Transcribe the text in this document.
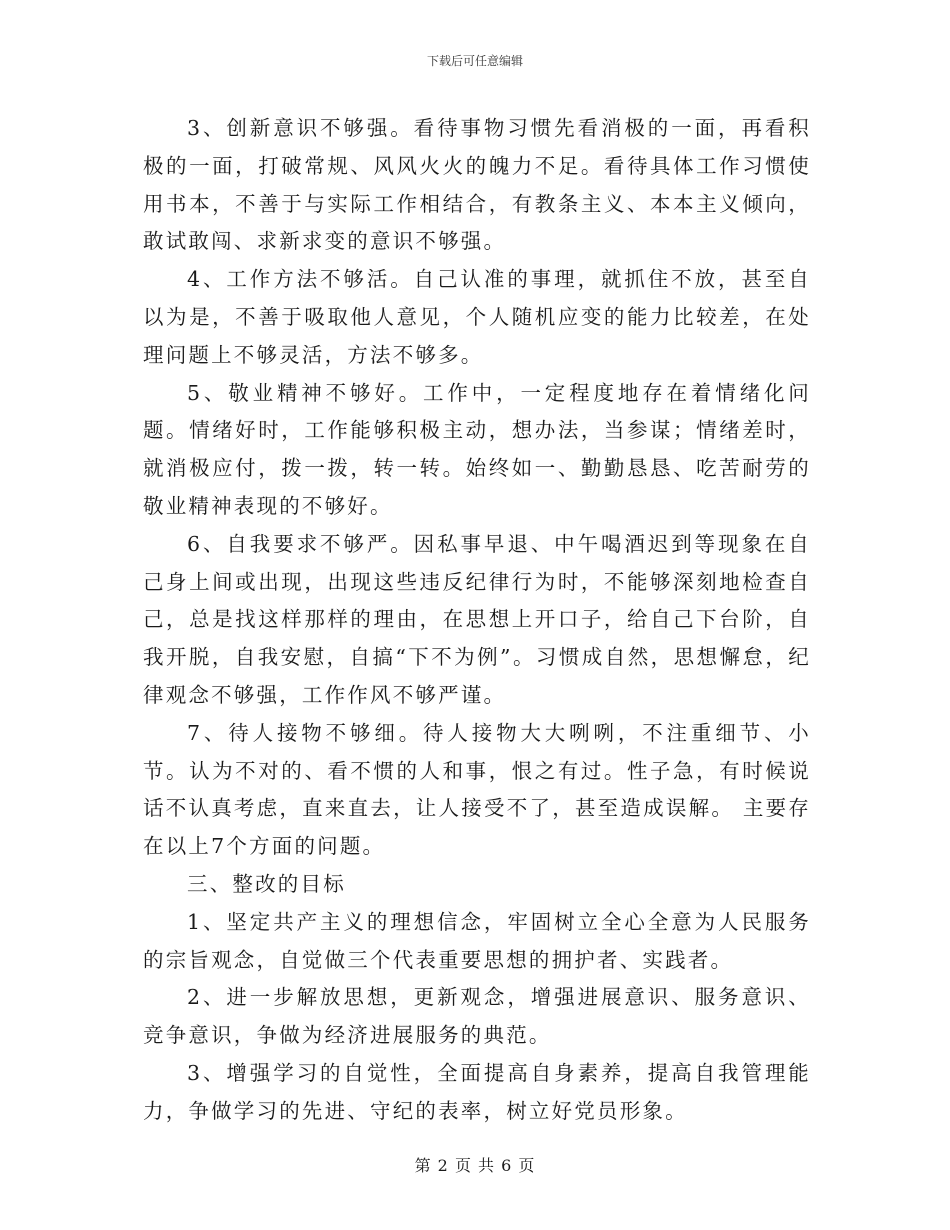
下载后可任意编辑

3、创新意识不够强。看待事物习惯先看消极的一面，再看积极的一面，打破常规、风风火火的魄力不足。看待具体工作习惯使用书本，不善于与实际工作相结合，有教条主义、本本主义倾向，敢试敢闯、求新求变的意识不够强。

4、工作方法不够活。自己认准的事理，就抓住不放，甚至自以为是，不善于吸取他人意见，个人随机应变的能力比较差，在处理问题上不够灵活，方法不够多。

5、敬业精神不够好。工作中，一定程度地存在着情绪化问题。情绪好时，工作能够积极主动，想办法，当参谋；情绪差时，就消极应付，拨一拨，转一转。始终如一、勤勤恳恳、吃苦耐劳的敬业精神表现的不够好。

6、自我要求不够严。因私事早退、中午喝酒迟到等现象在自己身上间或出现，出现这些违反纪律行为时，不能够深刻地检查自己，总是找这样那样的理由，在思想上开口子，给自己下台阶，自我开脱，自我安慰，自搞“下不为例”。习惯成自然，思想懈怠，纪律观念不够强，工作作风不够严谨。

7、待人接物不够细。待人接物大大咧咧，不注重细节、小节。认为不对的、看不惯的人和事，恨之有过。性子急，有时候说话不认真考虑，直来直去，让人接受不了，甚至造成误解。 主要存在以上7个方面的问题。

三、整改的目标

1、坚定共产主义的理想信念，牢固树立全心全意为人民服务的宗旨观念，自觉做三个代表重要思想的拥护者、实践者。

2、进一步解放思想，更新观念，增强进展意识、服务意识、竞争意识，争做为经济进展服务的典范。

3、增强学习的自觉性，全面提高自身素养，提高自我管理能力，争做学习的先进、守纪的表率，树立好党员形象。

第 2 页 共 6 页
